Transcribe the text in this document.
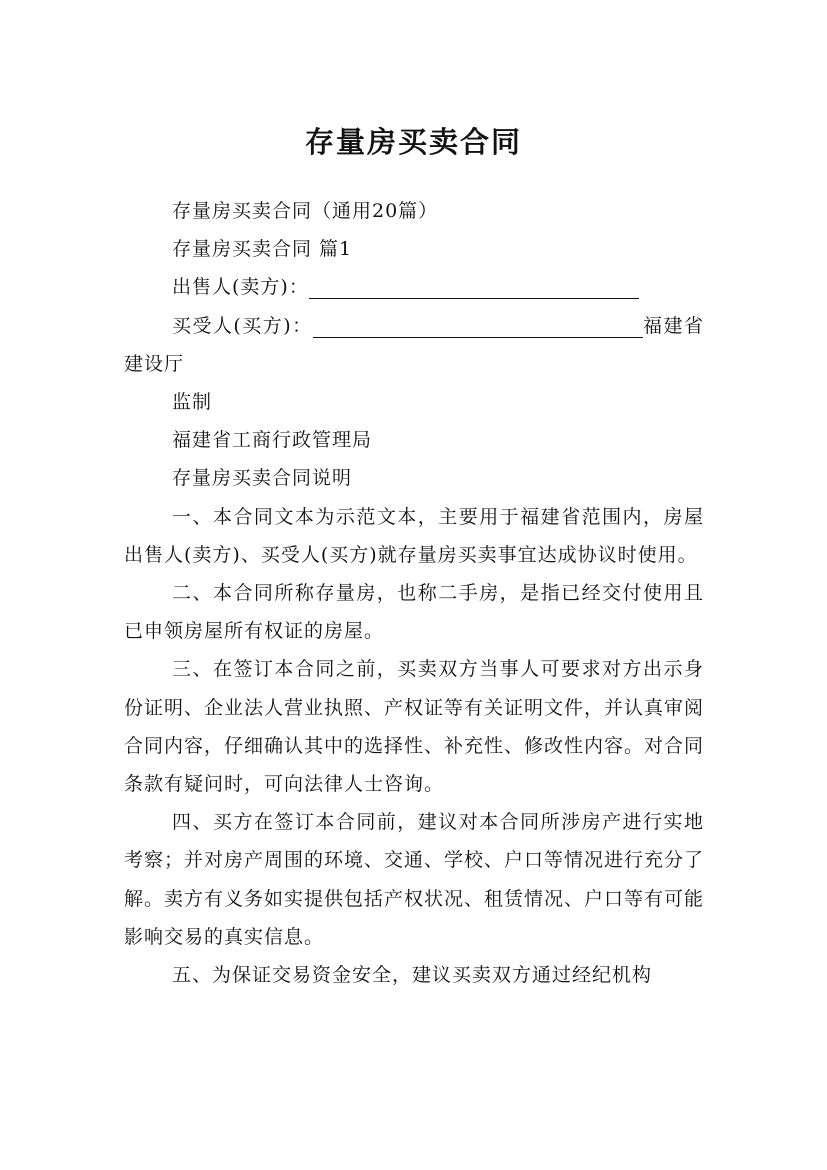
存量房买卖合同

存量房买卖合同（通用20篇）

存量房买卖合同 篇1

出售人(卖方)：

买受人(买方)：	福建省建设厅

监制

福建省工商行政管理局

存量房买卖合同说明

一、本合同文本为示范文本，主要用于福建省范围内，房屋出售人(卖方)、买受人(买方)就存量房买卖事宜达成协议时使用。

二、本合同所称存量房，也称二手房，是指已经交付使用且已申领房屋所有权证的房屋。

三、在签订本合同之前，买卖双方当事人可要求对方出示身份证明、企业法人营业执照、产权证等有关证明文件，并认真审阅合同内容，仔细确认其中的选择性、补充性、修改性内容。对合同条款有疑问时，可向法律人士咨询。

四、买方在签订本合同前，建议对本合同所涉房产进行实地考察；并对房产周围的环境、交通、学校、户口等情况进行充分了解。卖方有义务如实提供包括产权状况、租赁情况、户口等有可能影响交易的真实信息。

五、为保证交易资金安全，建议买卖双方通过经纪机构
